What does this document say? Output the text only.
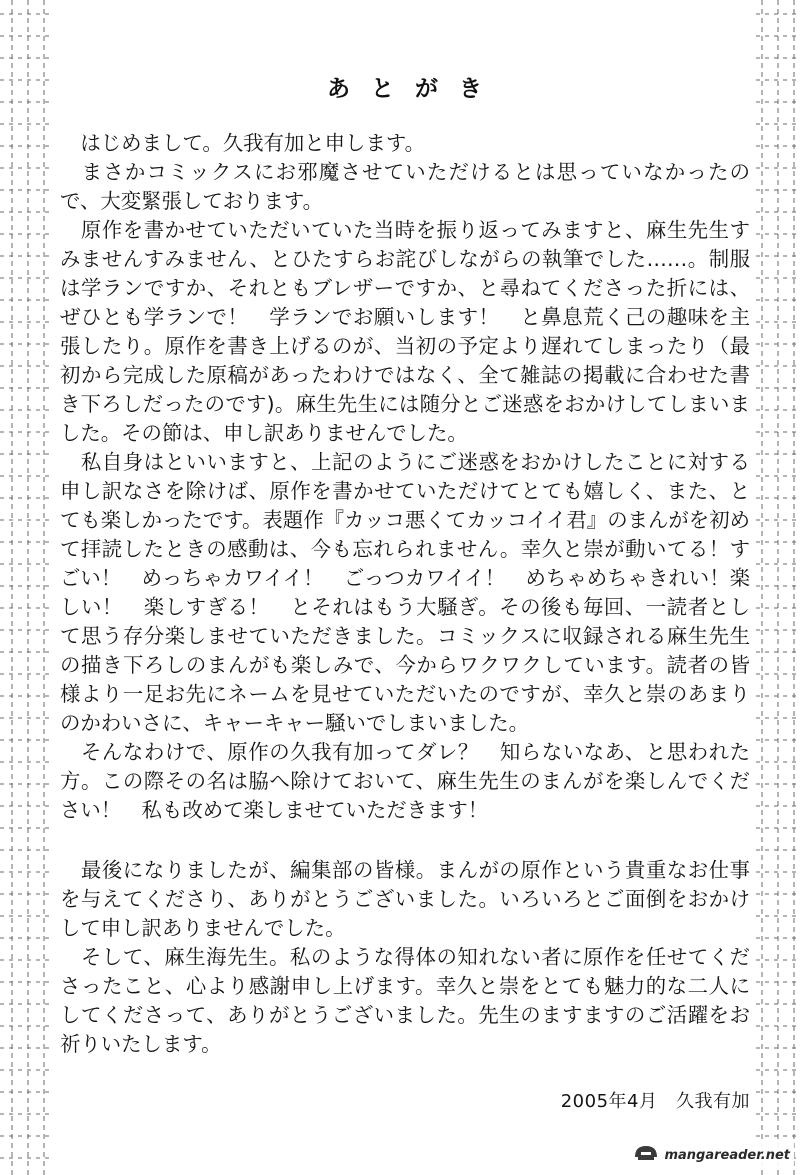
あとがき

　はじめまして。久我有加と申します。

　まさかコミックスにお邪魔させていただけるとは思っていなかったので、大変緊張しております。

　原作を書かせていただいていた当時を振り返ってみますと、麻生先生すみませんすみません、とひたすらお詫びしながらの執筆でした……。制服は学ランですか、それともブレザーですか、と尋ねてくださった折には、ぜひとも学ランで！　学ランでお願いします！　と鼻息荒く己の趣味を主張したり。原作を書き上げるのが、当初の予定より遅れてしまったり（最初から完成した原稿があったわけではなく、全て雑誌の掲載に合わせた書き下ろしだったのです)。麻生先生には随分とご迷惑をおかけしてしまいました。その節は、申し訳ありませんでした。

　私自身はといいますと、上記のようにご迷惑をおかけしたことに対する申し訳なさを除けば、原作を書かせていただけてとても嬉しく、また、とても楽しかったです。表題作『カッコ悪くてカッコイイ君』のまんがを初めて拝読したときの感動は、今も忘れられません。幸久と崇が動いてる！すごい！　めっちゃカワイイ！　ごっつカワイイ！　めちゃめちゃきれい！楽しい！　楽しすぎる！　とそれはもう大騒ぎ。その後も毎回、一読者として思う存分楽しませていただきました。コミックスに収録される麻生先生の描き下ろしのまんがも楽しみで、今からワクワクしています。読者の皆様より一足お先にネームを見せていただいたのですが、幸久と崇のあまりのかわいさに、キャーキャー騒いでしまいました。

　そんなわけで、原作の久我有加ってダレ？　知らないなあ、と思われた方。この際その名は脇へ除けておいて、麻生先生のまんがを楽しんでください！　私も改めて楽しませていただきます！

　最後になりましたが、編集部の皆様。まんがの原作という貴重なお仕事を与えてくださり、ありがとうございました。いろいろとご面倒をおかけして申し訳ありませんでした。

　そして、麻生海先生。私のような得体の知れない者に原作を任せてくださったこと、心より感謝申し上げます。幸久と崇をとても魅力的な二人にしてくださって、ありがとうございました。先生のますますのご活躍をお祈りいたします。

2005年4月　久我有加
mangareader.net
